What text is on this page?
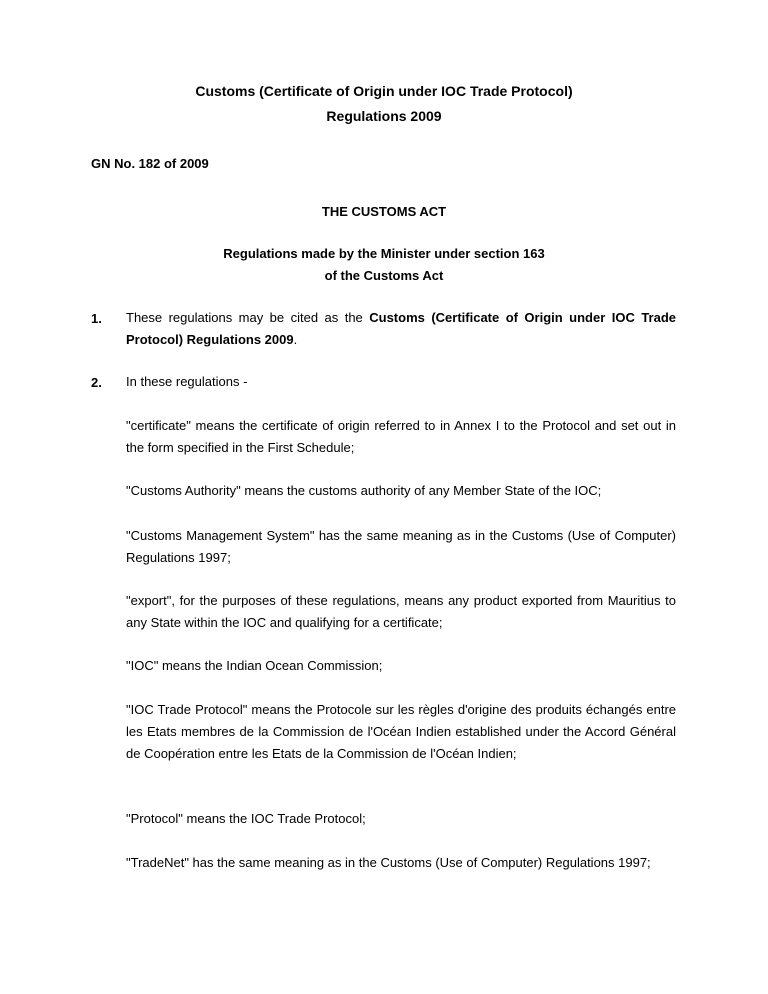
Customs (Certificate of Origin under IOC Trade Protocol)
Regulations 2009
GN No. 182 of 2009
THE CUSTOMS ACT
Regulations made by the Minister under section 163
of the Customs Act
1. These regulations may be cited as the Customs (Certificate of Origin under IOC Trade Protocol) Regulations 2009.
2. In these regulations -
"certificate" means the certificate of origin referred to in Annex I to the Protocol and set out in the form specified in the First Schedule;
"Customs Authority" means the customs authority of any Member State of the IOC;
"Customs Management System" has the same meaning as in the Customs (Use of Computer) Regulations 1997;
"export", for the purposes of these regulations, means any product exported from Mauritius to any State within the IOC and qualifying for a certificate;
"IOC" means the Indian Ocean Commission;
"IOC Trade Protocol" means the Protocole sur les règles d'origine des produits échangés entre les Etats membres de la Commission de l'Océan Indien established under the Accord Général de Coopération entre les Etats de la Commission de l'Océan Indien;
"Protocol" means the IOC Trade Protocol;
"TradeNet" has the same meaning as in the Customs (Use of Computer) Regulations 1997;
